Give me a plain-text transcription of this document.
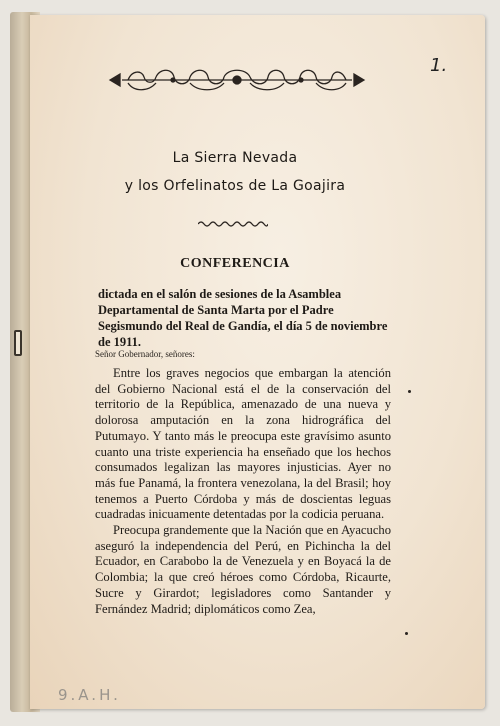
1.
La Sierra Nevada
y los Orfelinatos de La Goajira
CONFERENCIA
dictada en el salón de sesiones de la Asamblea Departamental de Santa Marta por el Padre Segismundo del Real de Gandía, el día 5 de noviembre de 1911.
Señor Gobernador, señores:

Entre los graves negocios que embargan la atención del Gobierno Nacional está el de la conservación del territorio de la República, amenazado de una nueva y dolorosa amputación en la zona hidrográfica del Putumayo. Y tanto más le preocupa este gravísimo asunto cuanto una triste experiencia ha enseñado que los hechos consumados legalizan las mayores injusticias. Ayer no más fue Panamá, la frontera venezolana, la del Brasil; hoy tenemos a Puerto Córdoba y más de doscientas leguas cuadradas inicuamente detentadas por la codicia peruana.

Preocupa grandemente que la Nación que en Ayacucho aseguró la independencia del Perú, en Pichincha la del Ecuador, en Carabobo la de Venezuela y en Boyacá la de Colombia; la que creó héroes como Córdoba, Ricaurte, Sucre y Girardot; legisladores como Santander y Fernández Madrid; diplomáticos como Zea,

9.A.H.
